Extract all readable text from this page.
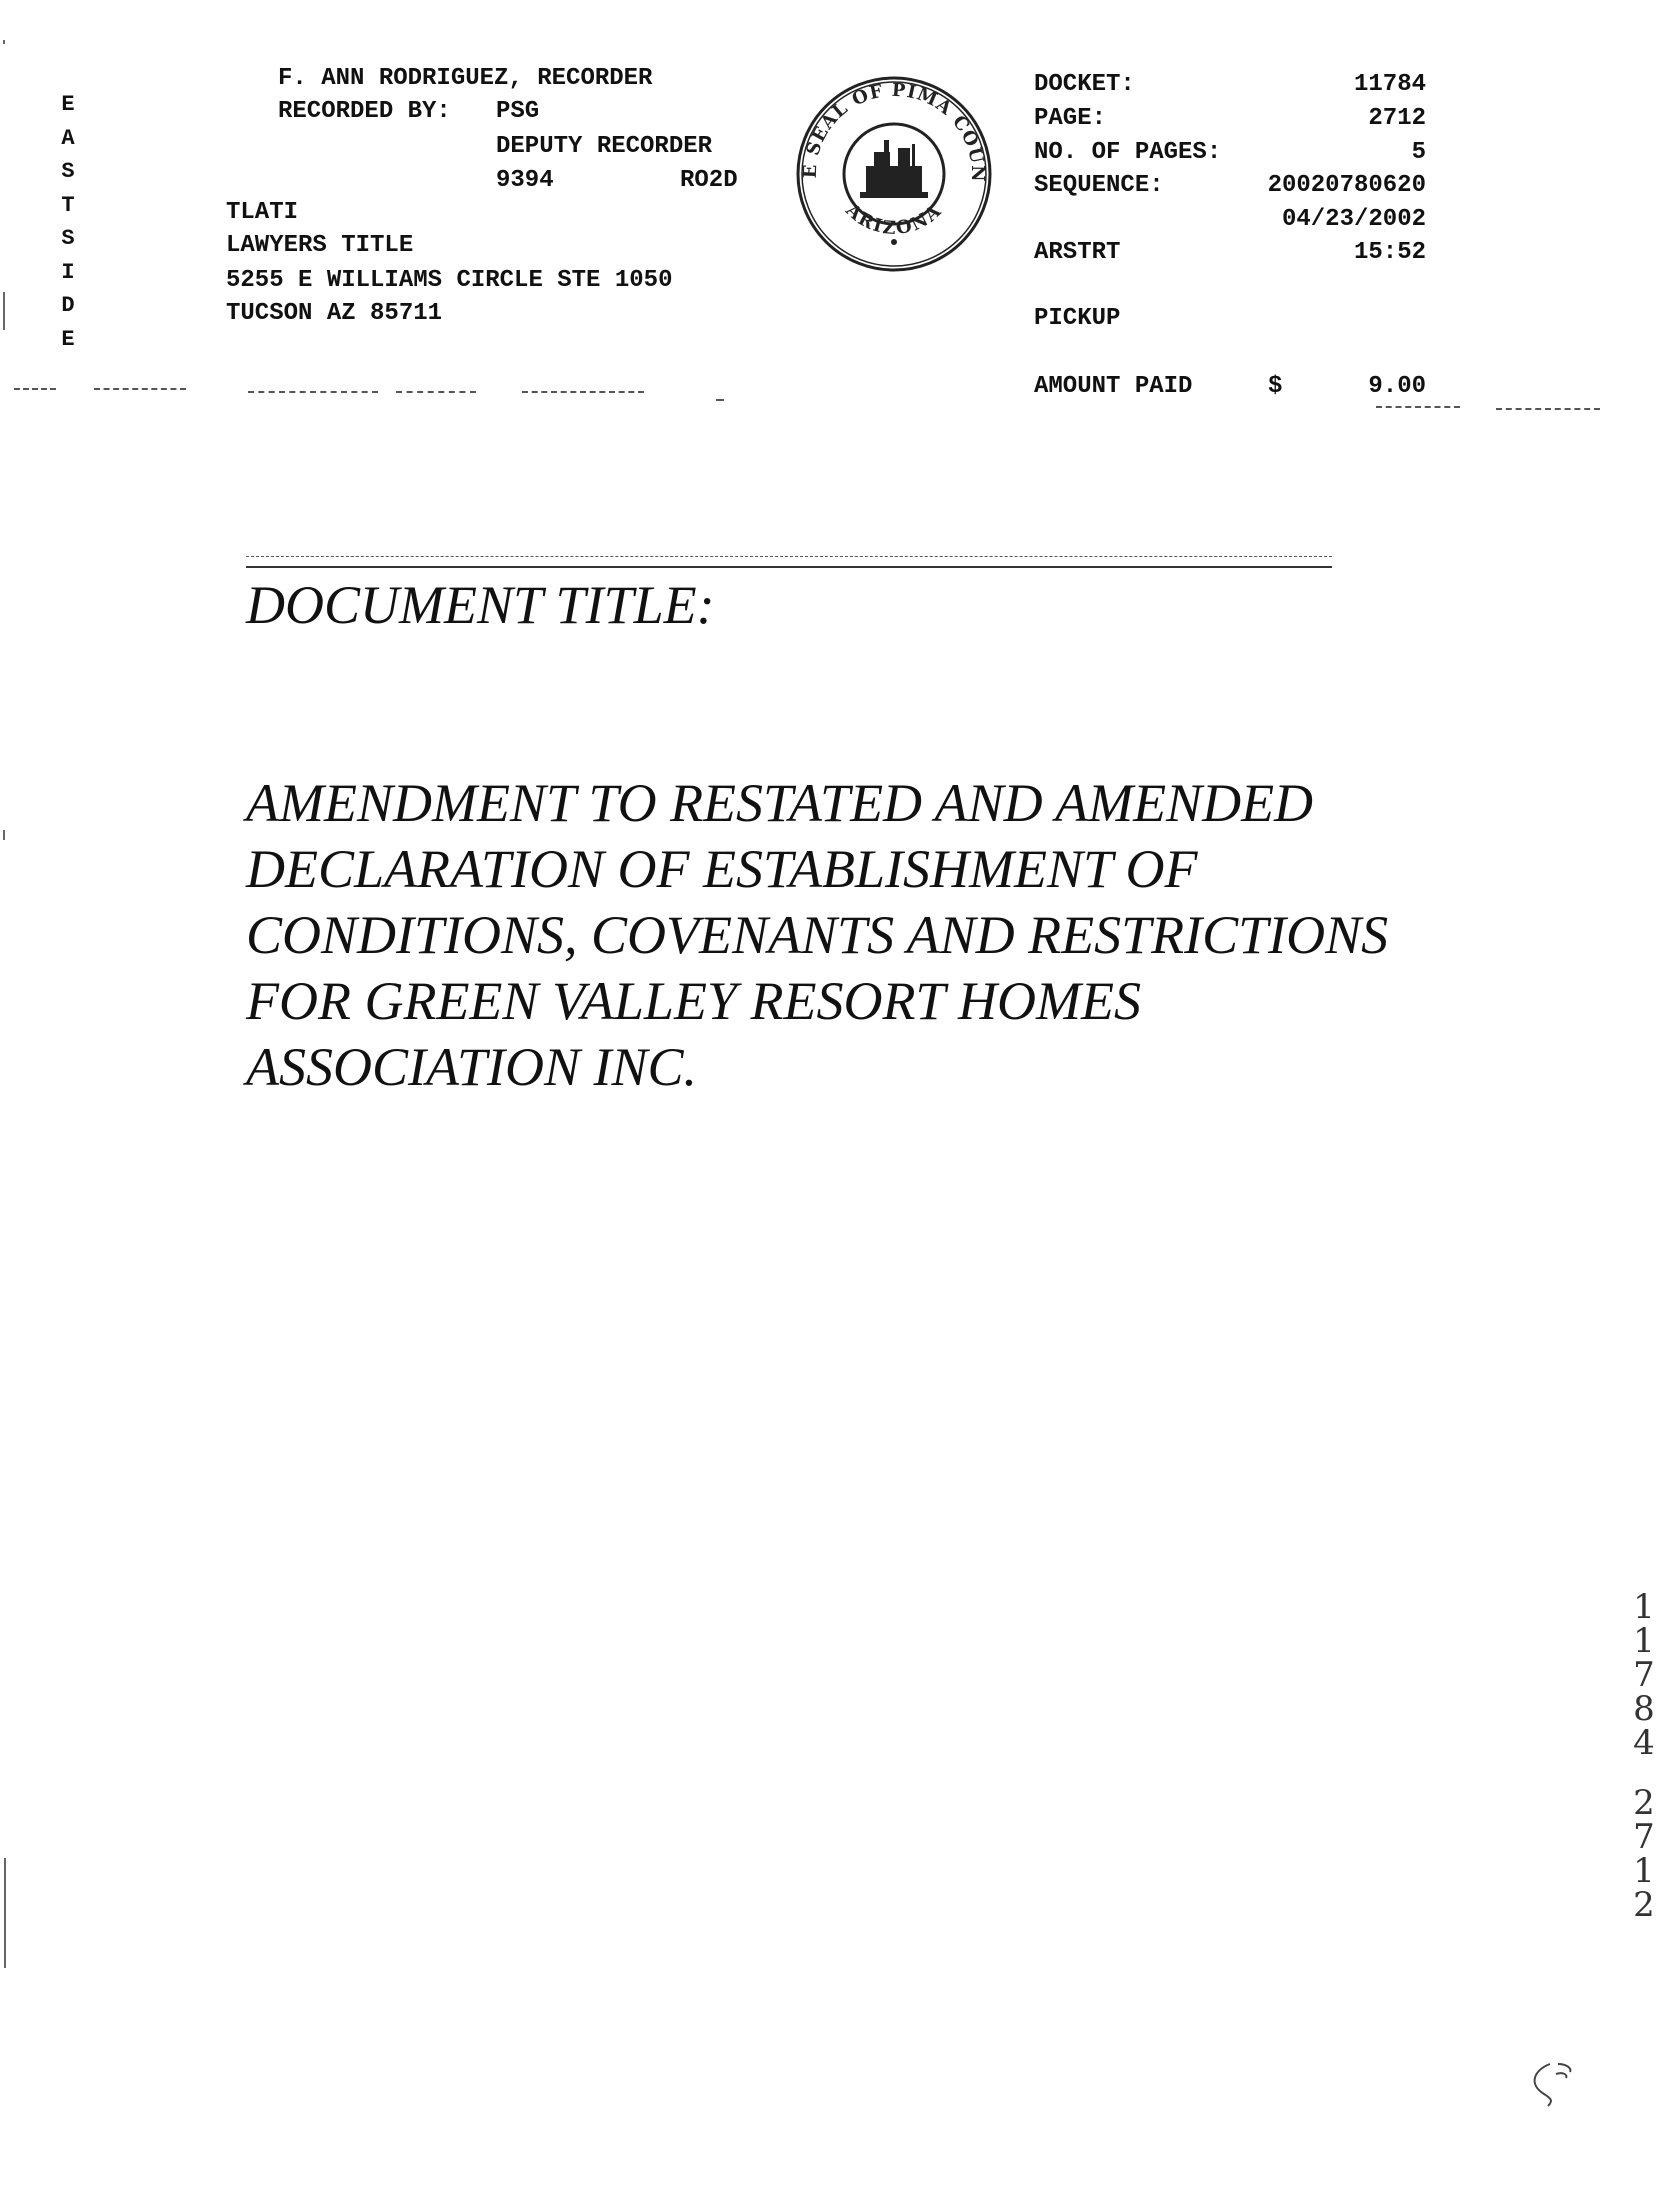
E
A
S
T
S
I
D
E
F. ANN RODRIGUEZ, RECORDER
RECORDED BY: PSG
DEPUTY RECORDER
9394	RO2D
TLATI
LAWYERS TITLE
5255 E WILLIAMS CIRCLE STE 1050
TUCSON AZ 85711
E SEAL OF PIMA COUN
ARIZONA
DOCKET:	11784
PAGE:	2712
NO. OF PAGES:	5
SEQUENCE:	20020780620
04/23/2002
ARSTRT	15:52
PICKUP
AMOUNT PAID	$	9.00
DOCUMENT TITLE:
AMENDMENT TO RESTATED AND AMENDED
DECLARATION OF ESTABLISHMENT OF
CONDITIONS, COVENANTS AND RESTRICTIONS
FOR GREEN VALLEY RESORT HOMES
ASSOCIATION INC.
1
1
7
8
4
2
7
1
2
